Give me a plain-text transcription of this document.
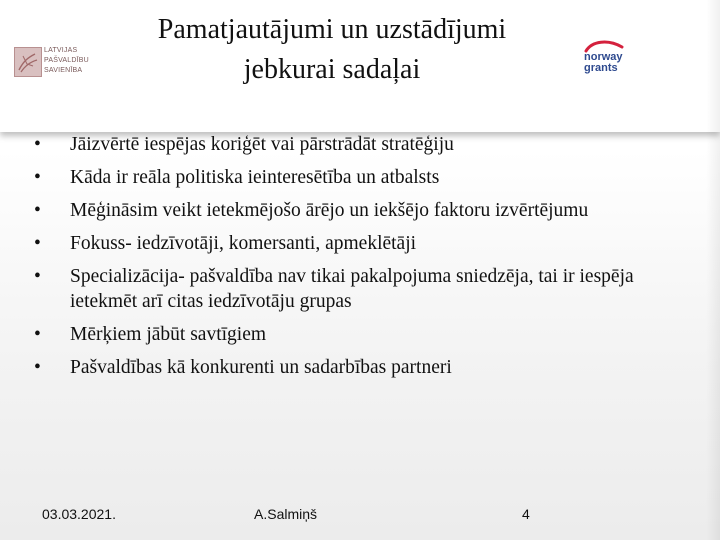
LATVIJAS
PAŠVALDĪBU
SAVIENĪBA
Pamatjautājumi un uzstādījumi
jebkurai sadaļai	norway
grants
• Jāizvērtē iespējas koriģēt vai pārstrādāt stratēģiju
• Kāda ir reāla politiska ieinteresētība un atbalsts
• Mēģināsim veikt ietekmējošo ārējo un iekšējo faktoru izvērtējumu
• Fokuss- iedzīvotāji, komersanti, apmeklētāji
• Specializācija- pašvaldība nav tikai pakalpojuma sniedzēja, tai ir iespēja ietekmēt arī citas iedzīvotāju grupas
• Mērķiem jābūt savtīgiem
• Pašvaldības kā konkurenti un sadarbības partneri
03.03.2021.	A.Salmiņš	4
